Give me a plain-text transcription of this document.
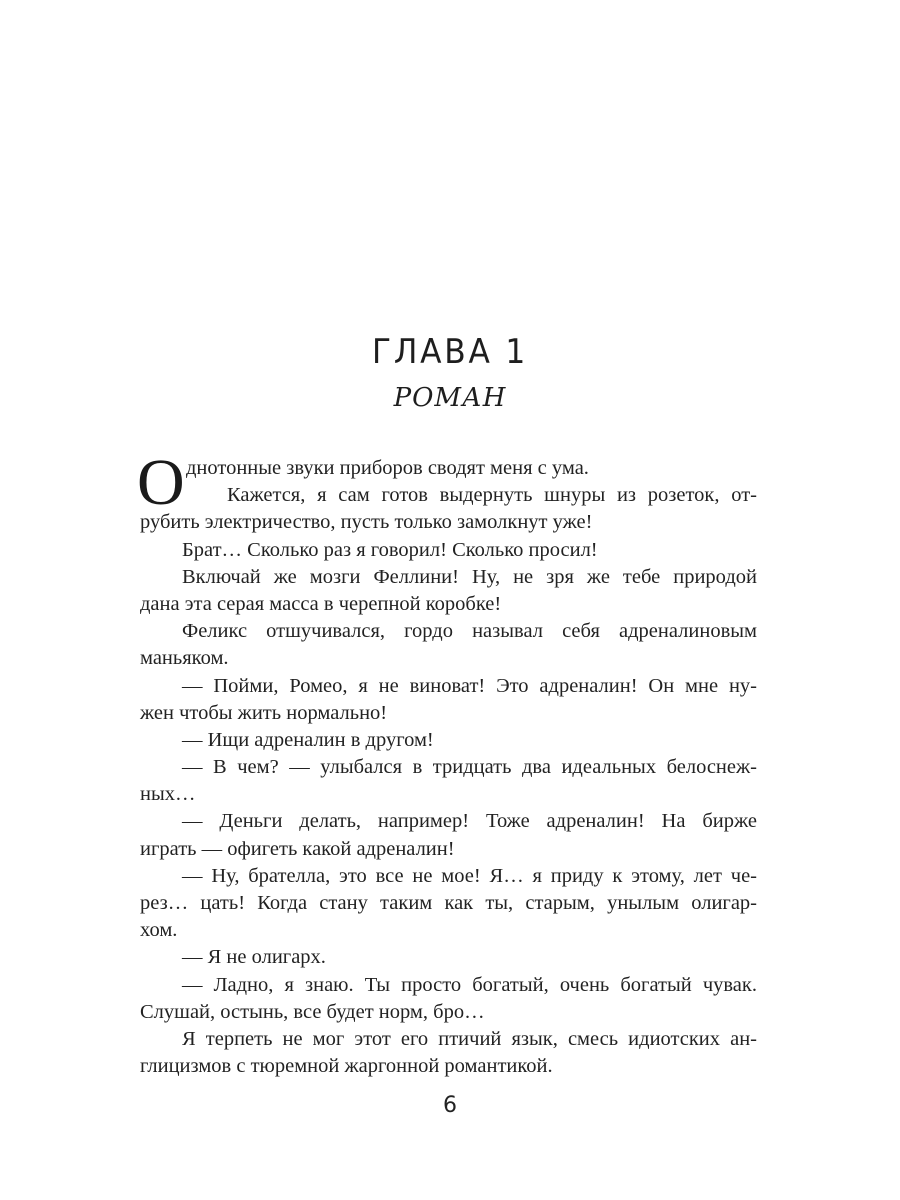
ГЛАВА 1
РОМАН
О днотонные звуки приборов сводят меня с ума.
Кажется, я сам готов выдернуть шнуры из розеток, от-
рубить электричество, пусть только замолкнут уже!
Брат… Сколько раз я говорил! Сколько просил!
Включай же мозги Феллини! Ну, не зря же тебе природой
дана эта серая масса в черепной коробке!
Феликс отшучивался, гордо называл себя адреналиновым
маньяком.
— Пойми, Ромео, я не виноват! Это адреналин! Он мне ну-
жен чтобы жить нормально!
— Ищи адреналин в другом!
— В чем? — улыбался в тридцать два идеальных белоснеж-
ных…
— Деньги делать, например! Тоже адреналин! На бирже
играть — офигеть какой адреналин!
— Ну, брателла, это все не мое! Я… я приду к этому, лет че-
рез… цать! Когда стану таким как ты, старым, унылым олигар-
хом.
— Я не олигарх.
— Ладно, я знаю. Ты просто богатый, очень богатый чувак.
Слушай, остынь, все будет норм, бро…
Я терпеть не мог этот его птичий язык, смесь идиотских ан-
глицизмов с тюремной жаргонной романтикой.
6
